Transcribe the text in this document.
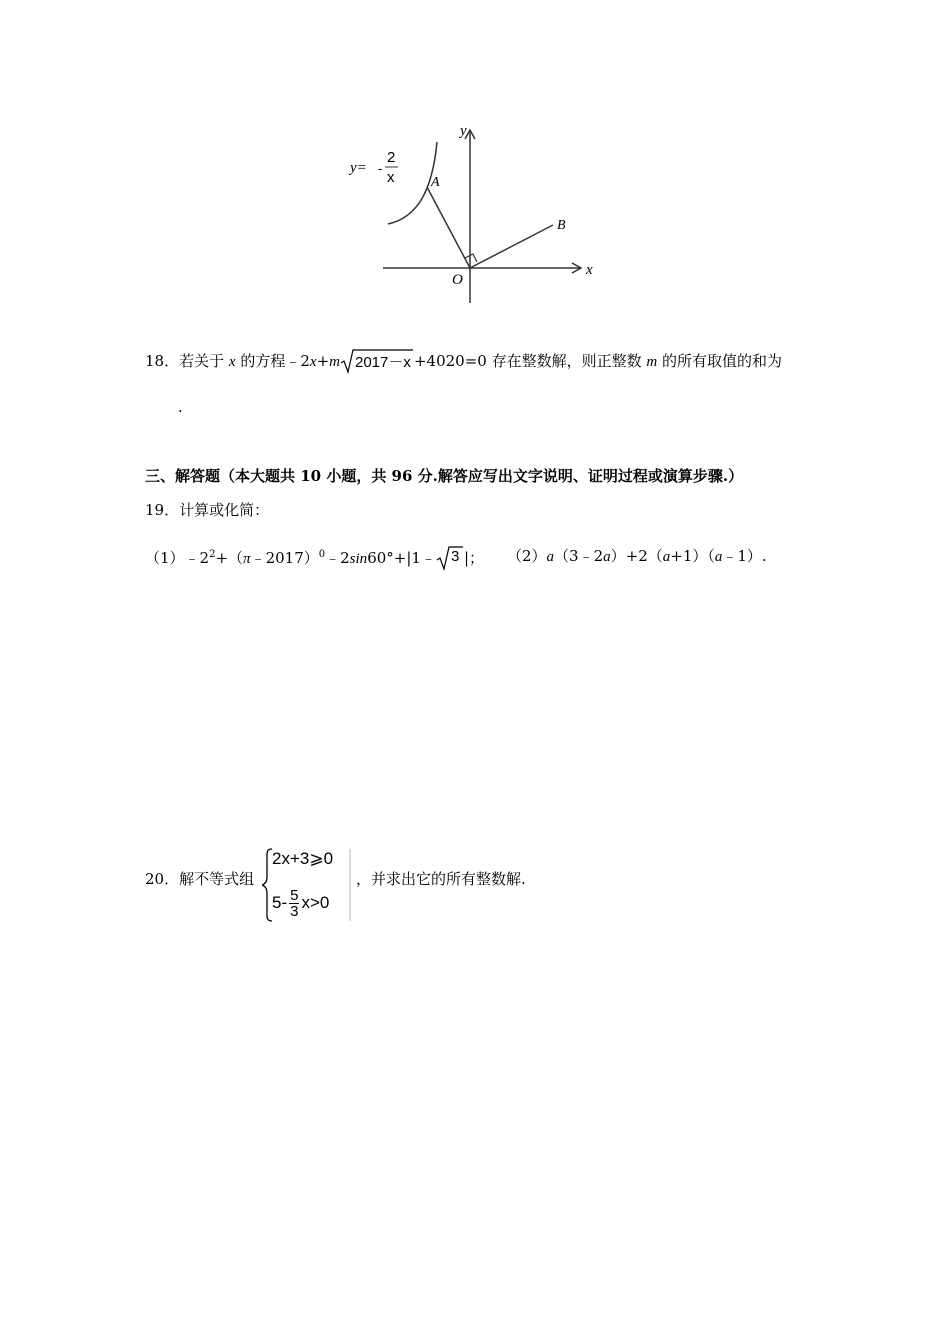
y
x
O
A
B
y= -
2
x
18．若关于 x 的方程﹣2x+m 2017－x +4020=0 存在整数解，则正整数 m 的所有取值的和为
.
三、解答题（本大题共 10 小题，共 96 分.解答应写出文字说明、证明过程或演算步骤.）
19．计算或化简：
$(1)﹣2^2+(\pi﹣2017)^0﹣2\sin 60^\circ+|1﹣$ 3 |； （2）a（3﹣2a）+2（a+1）（a﹣1）.
20．解不等式组
2x+3⩾0
$5- \frac{5}{3} x>0$
，并求出它的所有整数解.
